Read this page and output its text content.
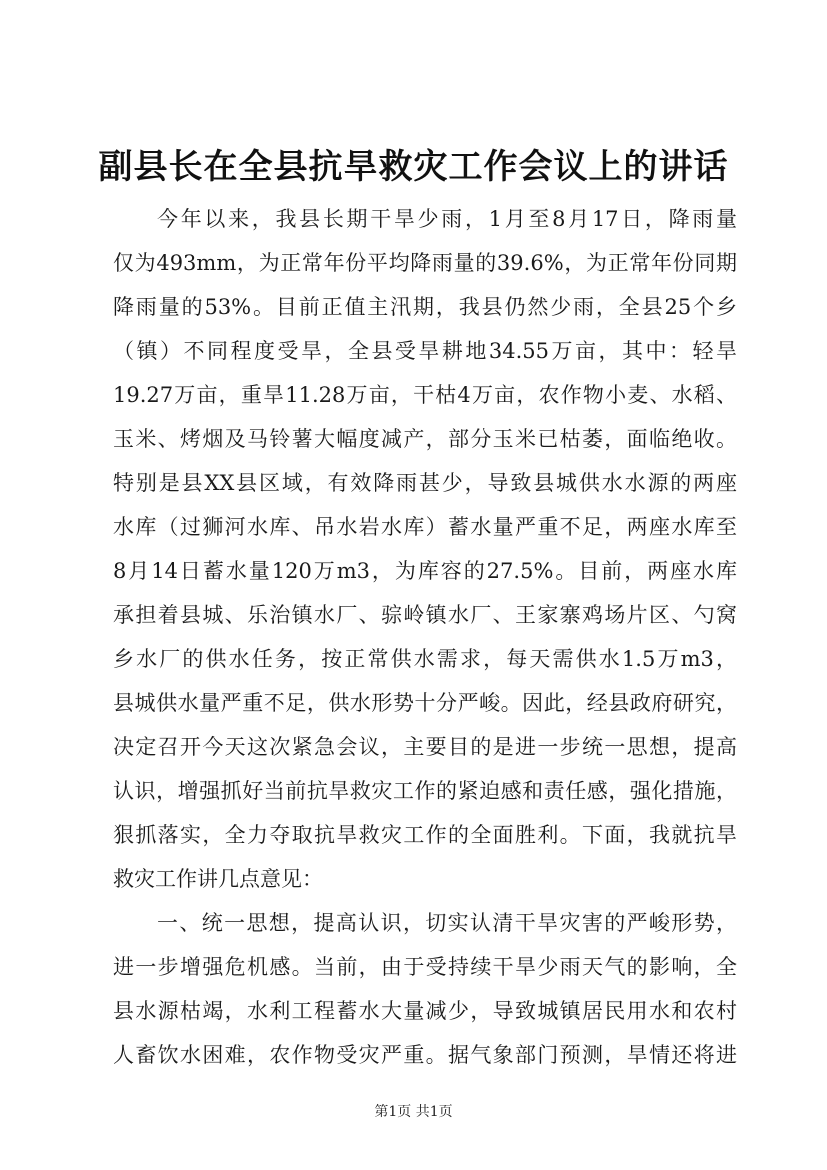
副县长在全县抗旱救灾工作会议上的讲话
今年以来，我县长期干旱少雨，1月至8月17日，降雨量
仅为493mm，为正常年份平均降雨量的39.6%，为正常年份同期
降雨量的53%。目前正值主汛期，我县仍然少雨，全县25个乡
（镇）不同程度受旱，全县受旱耕地34.55万亩，其中：轻旱
19.27万亩，重旱11.28万亩，干枯4万亩，农作物小麦、水稻、
玉米、烤烟及马铃薯大幅度减产，部分玉米已枯萎，面临绝收。
特别是县XX县区域，有效降雨甚少，导致县城供水水源的两座
水库（过狮河水库、吊水岩水库）蓄水量严重不足，两座水库至
8月14日蓄水量120万m3，为库容的27.5%。目前，两座水库
承担着县城、乐治镇水厂、骔岭镇水厂、王家寨鸡场片区、勺窝
乡水厂的供水任务，按正常供水需求，每天需供水1.5万m3，
县城供水量严重不足，供水形势十分严峻。因此，经县政府研究，
决定召开今天这次紧急会议，主要目的是进一步统一思想，提高
认识，增强抓好当前抗旱救灾工作的紧迫感和责任感，强化措施，
狠抓落实，全力夺取抗旱救灾工作的全面胜利。下面，我就抗旱
救灾工作讲几点意见：
一、统一思想，提高认识，切实认清干旱灾害的严峻形势，
进一步增强危机感。当前，由于受持续干旱少雨天气的影响，全
县水源枯竭，水利工程蓄水大量减少，导致城镇居民用水和农村
人畜饮水困难，农作物受灾严重。据气象部门预测，旱情还将进
第1页 共1页
